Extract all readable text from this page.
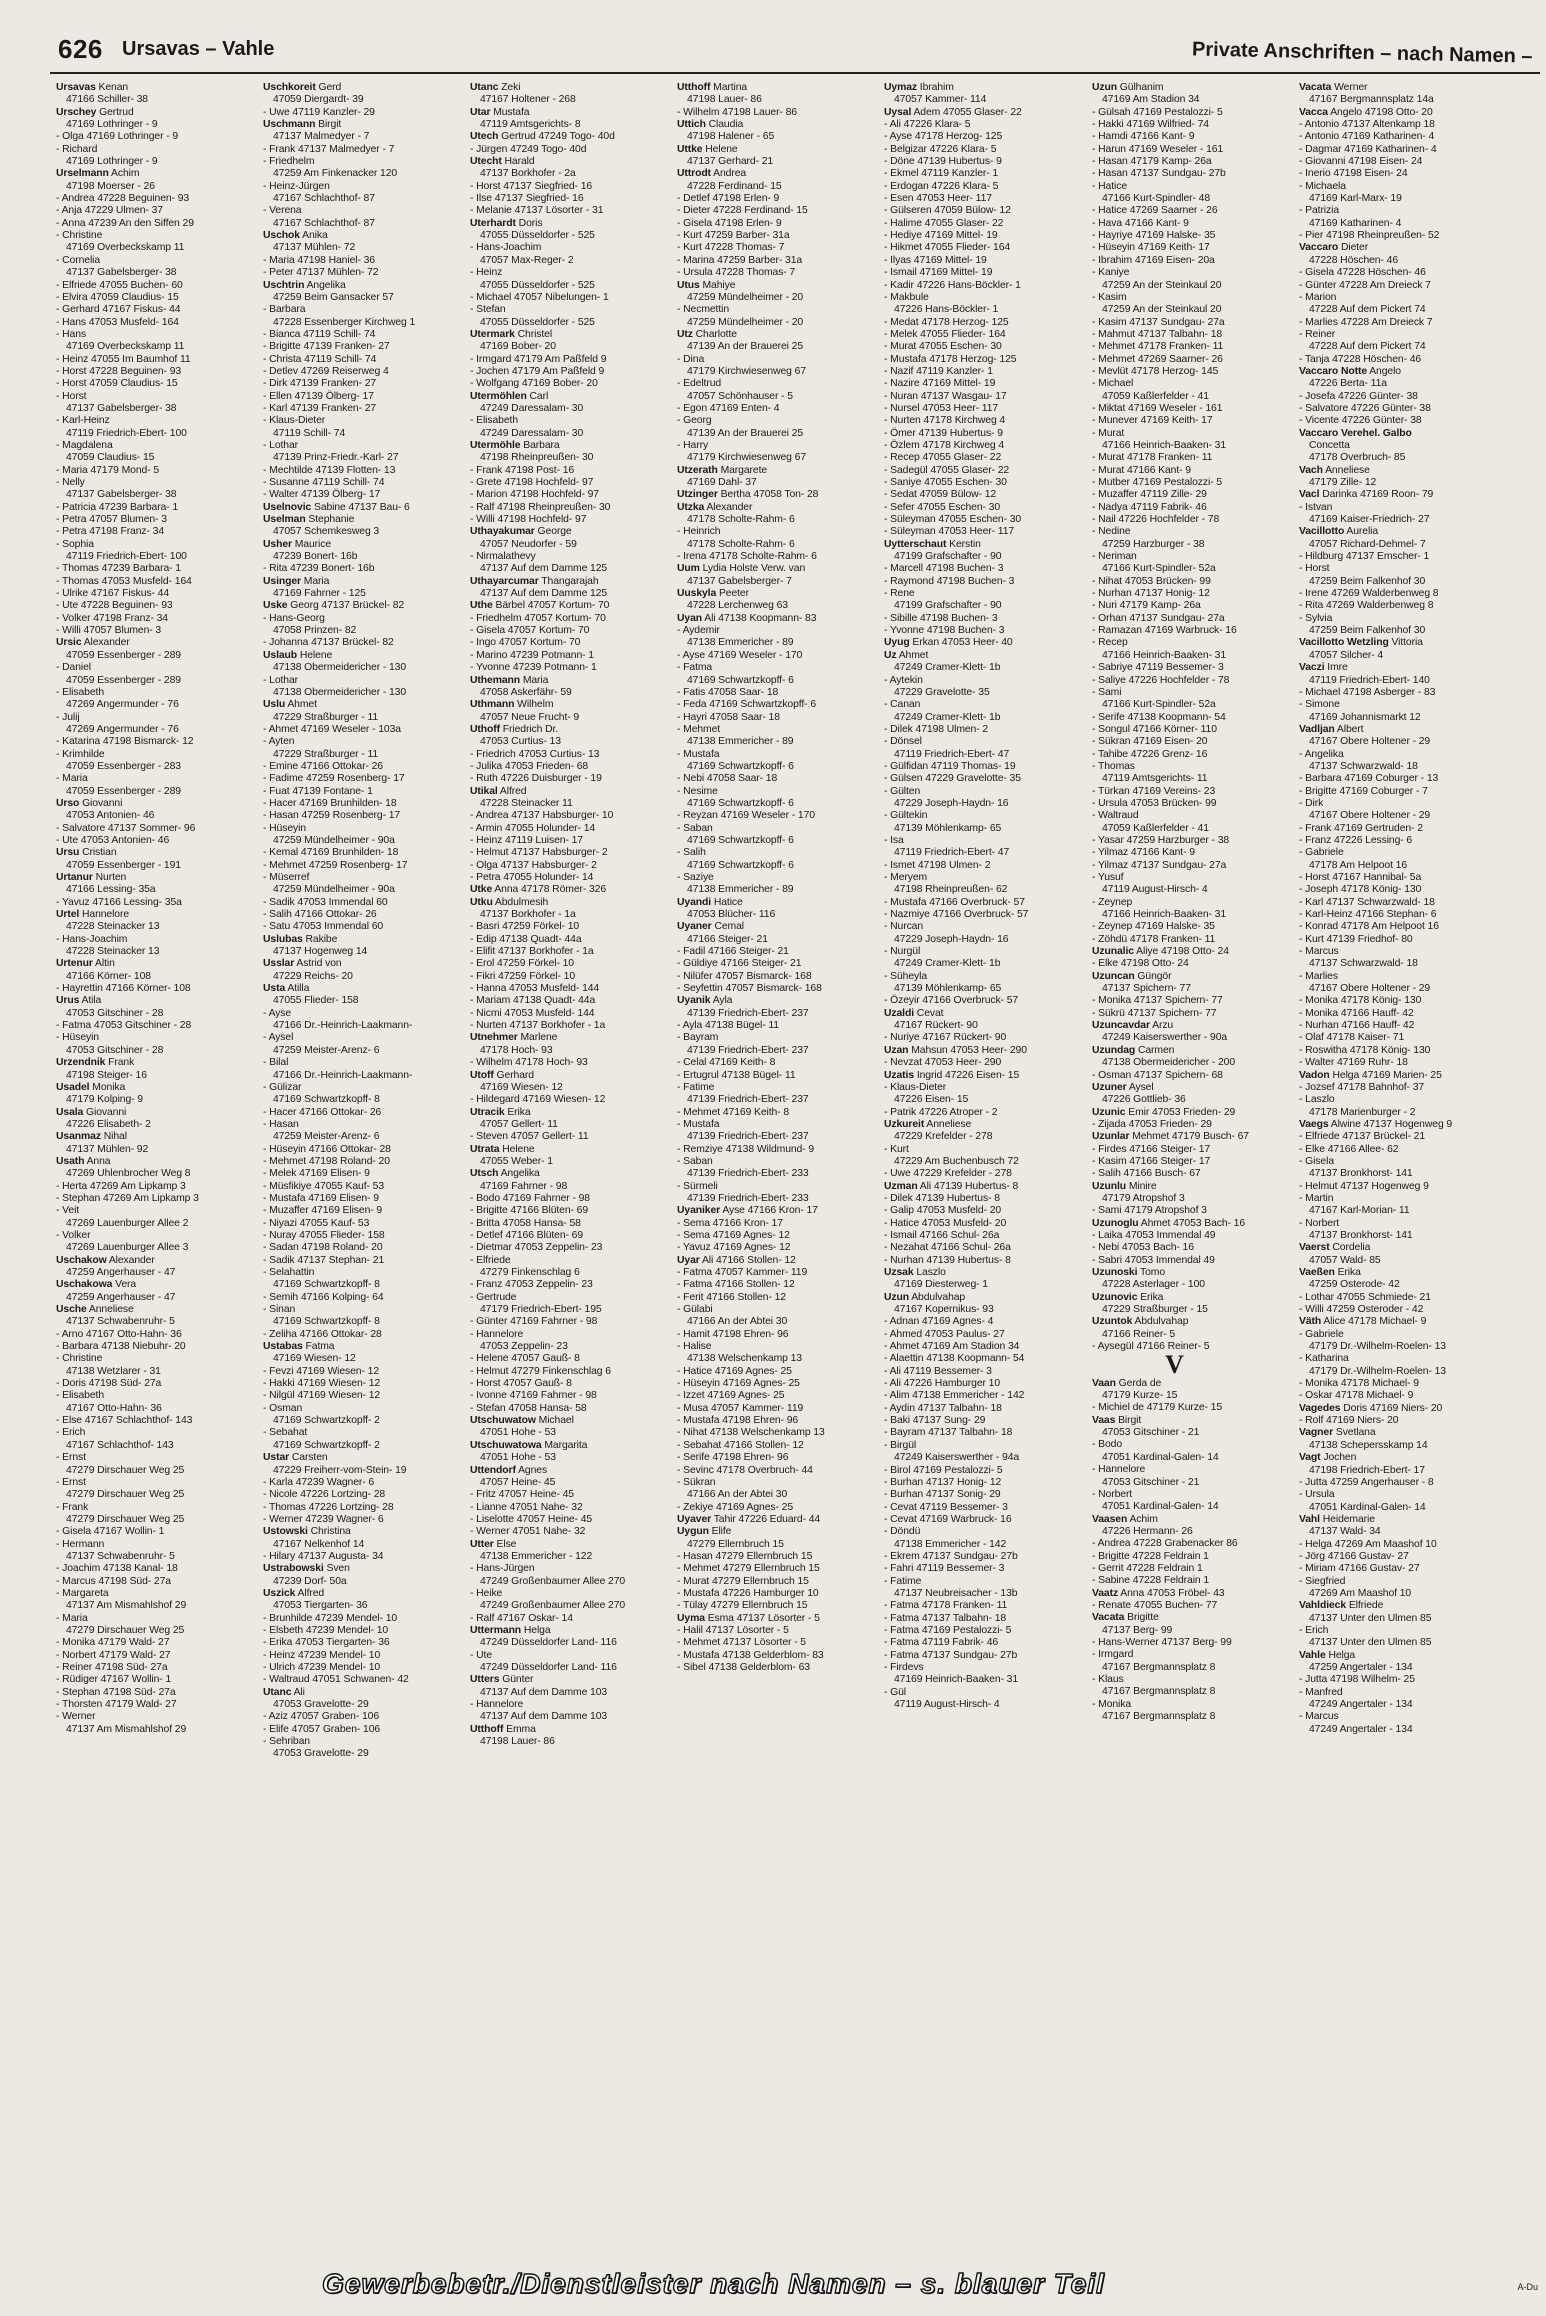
626 Ursavas – Vahle	Private Anschriften – nach Namen –
Ursavas Kenan
47166 Schiller- 38
Urschey Gertrud
47169 Lothringer - 9
- Olga 47169 Lothringer - 9
- Richard
47169 Lothringer - 9
Urselmann Achim
47198 Moerser - 26
- Andrea 47228 Beguinen- 93
- Anja 47229 Ulmen- 37
- Anna 47239 An den Siffen 29
- Christine
47169 Overbeckskamp 11
- Cornelia
47137 Gabelsberger- 38
- Elfriede 47055 Buchen- 60
- Elvira 47059 Claudius- 15
- Gerhard 47167 Fiskus- 44
- Hans 47053 Musfeld- 164
- Hans
47169 Overbeckskamp 11
- Heinz 47055 Im Baumhof 11
- Horst 47228 Beguinen- 93
- Horst 47059 Claudius- 15
- Horst
47137 Gabelsberger- 38
- Karl-Heinz
47119 Friedrich-Ebert- 100
- Magdalena
47059 Claudius- 15
- Maria 47179 Mond- 5
- Nelly
47137 Gabelsberger- 38
- Patricia 47239 Barbara- 1
- Petra 47057 Blumen- 3
- Petra 47198 Franz- 34
- Sophia
47119 Friedrich-Ebert- 100
- Thomas 47239 Barbara- 1
- Thomas 47053 Musfeld- 164
- Ulrike 47167 Fiskus- 44
- Ute 47228 Beguinen- 93
- Volker 47198 Franz- 34
- Willi 47057 Blumen- 3
Ursic Alexander
47059 Essenberger - 289
- Daniel
47059 Essenberger - 289
- Elisabeth
47269 Angermunder - 76
- Julij
47269 Angermunder - 76
- Katarina 47198 Bismarck- 12
- Krimhilde
47059 Essenberger - 283
- Maria
47059 Essenberger - 289
Urso Giovanni
47053 Antonien- 46
- Salvatore 47137 Sommer- 96
- Ute 47053 Antonien- 46
Ursu Cristian
47059 Essenberger - 191
Urtanur Nurten
47166 Lessing- 35a
- Yavuz 47166 Lessing- 35a
Urtel Hannelore
47228 Steinacker 13
- Hans-Joachim
47228 Steinacker 13
Urtenur Altin
47166 Körner- 108
- Hayrettin 47166 Körner- 108
Urus Atila
47053 Gitschiner - 28
- Fatma 47053 Gitschiner - 28
- Hüseyin
47053 Gitschiner - 28
Urzendnik Frank
47198 Steiger- 16
Usadel Monika
47179 Kolping- 9
Usala Giovanni
47226 Elisabeth- 2
Usanmaz Nihal
47137 Mühlen- 92
Usath Anna
47269 Uhlenbrocher Weg 8
- Herta 47269 Am Lipkamp 3
- Stephan 47269 Am Lipkamp 3
- Veit
47269 Lauenburger Allee 2
- Volker
47269 Lauenburger Allee 3
Uschakow Alexander
47259 Angerhauser - 47
Uschakowa Vera
47259 Angerhauser - 47
Usche Anneliese
47137 Schwabenruhr- 5
- Arno 47167 Otto-Hahn- 36
- Barbara 47138 Niebuhr- 20
- Christine
47138 Wetzlarer - 31
- Doris 47198 Süd- 27a
- Elisabeth
47167 Otto-Hahn- 36
- Else 47167 Schlachthof- 143
- Erich
47167 Schlachthof- 143
- Ernst
47279 Dirschauer Weg 25
- Ernst
47279 Dirschauer Weg 25
- Frank
47279 Dirschauer Weg 25
- Gisela 47167 Wollin- 1
- Hermann
47137 Schwabenruhr- 5
- Joachim 47138 Kanal- 18
- Marcus 47198 Süd- 27a
- Margareta
47137 Am Mismahlshof 29
- Maria
47279 Dirschauer Weg 25
- Monika 47179 Wald- 27
- Norbert 47179 Wald- 27
- Reiner 47198 Süd- 27a
- Rüdiger 47167 Wollin- 1
- Stephan 47198 Süd- 27a
- Thorsten 47179 Wald- 27
- Werner
47137 Am Mismahlshof 29
Uschkoreit Gerd
47059 Diergardt- 39
- Uwe 47119 Kanzler- 29
Uschmann Birgit
47137 Malmedyer - 7
- Frank 47137 Malmedyer - 7
- Friedhelm
47259 Am Finkenacker 120
- Heinz-Jürgen
47167 Schlachthof- 87
- Verena
47167 Schlachthof- 87
Uschok Anika
47137 Mühlen- 72
- Maria 47198 Haniel- 36
- Peter 47137 Mühlen- 72
Uschtrin Angelika
47259 Beim Gansacker 57
- Barbara
47228 Essenberger Kirchweg 1
- Bianca 47119 Schill- 74
- Brigitte 47139 Franken- 27
- Christa 47119 Schill- 74
- Detlev 47269 Reiserweg 4
- Dirk 47139 Franken- 27
- Ellen 47139 Ölberg- 17
- Karl 47139 Franken- 27
- Klaus-Dieter
47119 Schill- 74
- Lothar
47139 Prinz-Friedr.-Karl- 27
- Mechtilde 47139 Flotten- 13
- Susanne 47119 Schill- 74
- Walter 47139 Ölberg- 17
Uselnovic Sabine 47137 Bau- 6
Uselman Stephanie
47057 Schemkesweg 3
Usher Maurice
47239 Bonert- 16b
- Rita 47239 Bonert- 16b
Usinger Maria
47169 Fahrner - 125
Uske Georg 47137 Brückel- 82
- Hans-Georg
47058 Prinzen- 82
- Johanna 47137 Brückel- 82
Uslaub Helene
47138 Obermeidericher - 130
- Lothar
47138 Obermeidericher - 130
Uslu Ahmet
47229 Straßburger - 11
- Ahmet 47169 Weseler - 103a
- Ayten
47229 Straßburger - 11
- Emine 47166 Ottokar- 26
- Fadime 47259 Rosenberg- 17
- Fuat 47139 Fontane- 1
- Hacer 47169 Brunhilden- 18
- Hasan 47259 Rosenberg- 17
- Hüseyin
47259 Mündelheimer - 90a
- Kemal 47169 Brunhilden- 18
- Mehmet 47259 Rosenberg- 17
- Müserref
47259 Mündelheimer - 90a
- Sadik 47053 Immendal 60
- Salih 47166 Ottokar- 26
- Satu 47053 Immendal 60
Uslubas Rakibe
47137 Hogenweg 14
Usslar Astrid von
47229 Reichs- 20
Usta Atilla
47055 Flieder- 158
- Ayse
47166 Dr.-Heinrich-Laakmann-
- Aysel
47259 Meister-Arenz- 6
- Bilal
47166 Dr.-Heinrich-Laakmann-
- Gülizar
47169 Schwartzkopff- 8
- Hacer 47166 Ottokar- 26
- Hasan
47259 Meister-Arenz- 6
- Hüseyin 47166 Ottokar- 28
- Mehmet 47198 Roland- 20
- Melek 47169 Elisen- 9
- Müsfikiye 47055 Kauf- 53
- Mustafa 47169 Elisen- 9
- Muzaffer 47169 Elisen- 9
- Niyazi 47055 Kauf- 53
- Nuray 47055 Flieder- 158
- Sadan 47198 Roland- 20
- Sadik 47137 Stephan- 21
- Selahattin
47169 Schwartzkopff- 8
- Semih 47166 Kolping- 64
- Sinan
47169 Schwartzkopff- 8
- Zeliha 47166 Ottokar- 28
Ustabas Fatma
47169 Wiesen- 12
- Fevzi 47169 Wiesen- 12
- Hakki 47169 Wiesen- 12
- Nilgül 47169 Wiesen- 12
- Osman
47169 Schwartzkopff- 2
- Sebahat
47169 Schwartzkopff- 2
Ustar Carsten
47229 Freiherr-vom-Stein- 19
- Karla 47239 Wagner- 6
- Nicole 47226 Lortzing- 28
- Thomas 47226 Lortzing- 28
- Werner 47239 Wagner- 6
Ustowski Christina
47167 Nelkenhof 14
- Hilary 47137 Augusta- 34
Ustrabowski Sven
47239 Dorf- 50a
Uszick Alfred
47053 Tiergarten- 36
- Brunhilde 47239 Mendel- 10
- Elsbeth 47239 Mendel- 10
- Erika 47053 Tiergarten- 36
- Heinz 47239 Mendel- 10
- Ulrich 47239 Mendel- 10
- Waltraud 47051 Schwanen- 42
Utanc Ali
47053 Gravelotte- 29
- Aziz 47057 Graben- 106
- Elife 47057 Graben- 106
- Sehriban
47053 Gravelotte- 29
Utanc Zeki
47167 Holtener - 268
Utar Mustafa
47119 Amtsgerichts- 8
Utech Gertrud 47249 Togo- 40d
- Jürgen 47249 Togo- 40d
Utecht Harald
47137 Borkhofer - 2a
- Horst 47137 Siegfried- 16
- Ilse 47137 Siegfried- 16
- Melanie 47137 Lösorter - 31
Uterhardt Doris
47055 Düsseldorfer - 525
- Hans-Joachim
47057 Max-Reger- 2
- Heinz
47055 Düsseldorfer - 525
- Michael 47057 Nibelungen- 1
- Stefan
47055 Düsseldorfer - 525
Utermark Christel
47169 Bober- 20
- Irmgard 47179 Am Paßfeld 9
- Jochen 47179 Am Paßfeld 9
- Wolfgang 47169 Bober- 20
Utermöhlen Carl
47249 Daressalam- 30
- Elisabeth
47249 Daressalam- 30
Utermöhle Barbara
47198 Rheinpreußen- 30
- Frank 47198 Post- 16
- Grete 47198 Hochfeld- 97
- Marion 47198 Hochfeld- 97
- Ralf 47198 Rheinpreußen- 30
- Willi 47198 Hochfeld- 97
Uthayakumar George
47057 Neudorfer - 59
- Nirmalathevy
47137 Auf dem Damme 125
Uthayarcumar Thangarajah
47137 Auf dem Damme 125
Uthe Bärbel 47057 Kortum- 70
- Friedhelm 47057 Kortum- 70
- Gisela 47057 Kortum- 70
- Ingo 47057 Kortum- 70
- Marino 47239 Potmann- 1
- Yvonne 47239 Potmann- 1
Uthemann Maria
47058 Askerfähr- 59
Uthmann Wilhelm
47057 Neue Frucht- 9
Uthoff Friedrich Dr.
47053 Curtius- 13
- Friedrich 47053 Curtius- 13
- Julika 47053 Frieden- 68
- Ruth 47226 Duisburger - 19
Utikal Alfred
47228 Steinacker 11
- Andrea 47137 Habsburger- 10
- Armin 47055 Holunder- 14
- Heinz 47119 Luisen- 17
- Helmut 47137 Habsburger- 2
- Olga 47137 Habsburger- 2
- Petra 47055 Holunder- 14
Utke Anna 47178 Römer- 326
Utku Abdulmesih
47137 Borkhofer - 1a
- Basri 47259 Förkel- 10
- Edip 47138 Quadt- 44a
- Elifit 47137 Borkhofer - 1a
- Erol 47259 Förkel- 10
- Fikri 47259 Förkel- 10
- Hanna 47053 Musfeld- 144
- Mariam 47138 Quadt- 44a
- Nicmi 47053 Musfeld- 144
- Nurten 47137 Borkhofer - 1a
Utnehmer Marlene
47178 Hoch- 93
- Wilhelm 47178 Hoch- 93
Utoff Gerhard
47169 Wiesen- 12
- Hildegard 47169 Wiesen- 12
Utracik Erika
47057 Gellert- 11
- Steven 47057 Gellert- 11
Utrata Helene
47055 Weber- 1
Utsch Angelika
47169 Fahrner - 98
- Bodo 47169 Fahrner - 98
- Brigitte 47166 Blüten- 69
- Britta 47058 Hansa- 58
- Detlef 47166 Blüten- 69
- Dietmar 47053 Zeppelin- 23
- Elfriede
47279 Finkenschlag 6
- Franz 47053 Zeppelin- 23
- Gertrude
47179 Friedrich-Ebert- 195
- Günter 47169 Fahrner - 98
- Hannelore
47053 Zeppelin- 23
- Helene 47057 Gauß- 8
- Helmut 47279 Finkenschlag 6
- Horst 47057 Gauß- 8
- Ivonne 47169 Fahrner - 98
- Stefan 47058 Hansa- 58
Utschuwatow Michael
47051 Hohe - 53
Utschuwatowa Margarita
47051 Hohe - 53
Uttendorf Agnes
47057 Heine- 45
- Fritz 47057 Heine- 45
- Lianne 47051 Nahe- 32
- Liselotte 47057 Heine- 45
- Werner 47051 Nahe- 32
Utter Else
47138 Emmericher - 122
- Hans-Jürgen
47249 Großenbaumer Allee 270
- Heike
47249 Großenbaumer Allee 270
- Ralf 47167 Oskar- 14
Uttermann Helga
47249 Düsseldorfer Land- 116
- Ute
47249 Düsseldorfer Land- 116
Utters Günter
47137 Auf dem Damme 103
- Hannelore
47137 Auf dem Damme 103
Utthoff Emma
47198 Lauer- 86
Utthoff Martina
47198 Lauer- 86
- Wilhelm 47198 Lauer- 86
Uttich Claudia
47198 Halener - 65
Uttke Helene
47137 Gerhard- 21
Uttrodt Andrea
47228 Ferdinand- 15
- Detlef 47198 Erlen- 9
- Dieter 47228 Ferdinand- 15
- Gisela 47198 Erlen- 9
- Kurt 47259 Barber- 31a
- Kurt 47228 Thomas- 7
- Marina 47259 Barber- 31a
- Ursula 47228 Thomas- 7
Utus Mahiye
47259 Mündelheimer - 20
- Necmettin
47259 Mündelheimer - 20
Utz Charlotte
47139 An der Brauerei 25
- Dina
47179 Kirchwiesenweg 67
- Edeltrud
47057 Schönhauser - 5
- Egon 47169 Enten- 4
- Georg
47139 An der Brauerei 25
- Harry
47179 Kirchwiesenweg 67
Utzerath Margarete
47169 Dahl- 37
Utzinger Bertha 47058 Ton- 28
Utzka Alexander
47178 Scholte-Rahm- 6
- Heinrich
47178 Scholte-Rahm- 6
- Irena 47178 Scholte-Rahm- 6
Uum Lydia Holste Verw. van
47137 Gabelsberger- 7
Uuskyla Peeter
47228 Lerchenweg 63
Uyan Ali 47138 Koopmann- 83
- Aydemir
47138 Emmericher - 89
- Ayse 47169 Weseler - 170
- Fatma
47169 Schwartzkopff- 6
- Fatis 47058 Saar- 18
- Feda 47169 Schwartzkopff- 6
- Hayri 47058 Saar- 18
- Mehmet
47138 Emmericher - 89
- Mustafa
47169 Schwartzkopff- 6
- Nebi 47058 Saar- 18
- Nesime
47169 Schwartzkopff- 6
- Reyzan 47169 Weseler - 170
- Saban
47169 Schwartzkopff- 6
- Salih
47169 Schwartzkopff- 6
- Saziye
47138 Emmericher - 89
Uyandi Hatice
47053 Blücher- 116
Uyaner Cemal
47166 Steiger- 21
- Fadil 47166 Steiger- 21
- Güldiye 47166 Steiger- 21
- Nilüfer 47057 Bismarck- 168
- Seyfettin 47057 Bismarck- 168
Uyanik Ayla
47139 Friedrich-Ebert- 237
- Ayla 47138 Bügel- 11
- Bayram
47139 Friedrich-Ebert- 237
- Celal 47169 Keith- 8
- Ertugrul 47138 Bügel- 11
- Fatime
47139 Friedrich-Ebert- 237
- Mehmet 47169 Keith- 8
- Mustafa
47139 Friedrich-Ebert- 237
- Remziye 47138 Wildmund- 9
- Saban
47139 Friedrich-Ebert- 233
- Sürmeli
47139 Friedrich-Ebert- 233
Uyaniker Ayse 47166 Kron- 17
- Sema 47166 Kron- 17
- Sema 47169 Agnes- 12
- Yavuz 47169 Agnes- 12
Uyar Ali 47166 Stollen- 12
- Fatma 47057 Kammer- 119
- Fatma 47166 Stollen- 12
- Ferit 47166 Stollen- 12
- Gülabi
47166 An der Abtei 30
- Hamit 47198 Ehren- 96
- Halise
47138 Welschenkamp 13
- Hatice 47169 Agnes- 25
- Hüseyin 47169 Agnes- 25
- Izzet 47169 Agnes- 25
- Musa 47057 Kammer- 119
- Mustafa 47198 Ehren- 96
- Nihat 47138 Welschenkamp 13
- Sebahat 47166 Stollen- 12
- Serife 47198 Ehren- 96
- Sevinc 47178 Overbruch- 44
- Sükran
47166 An der Abtei 30
- Zekiye 47169 Agnes- 25
Uyaver Tahir 47226 Eduard- 44
Uygun Elife
47279 Ellernbruch 15
- Hasan 47279 Ellernbruch 15
- Mehmet 47279 Ellernbruch 15
- Murat 47279 Ellernbruch 15
- Mustafa 47226 Hamburger 10
- Tülay 47279 Ellernbruch 15
Uyma Esma 47137 Lösorter - 5
- Halil 47137 Lösorter - 5
- Mehmet 47137 Lösorter - 5
- Mustafa 47138 Gelderblom- 83
- Sibel 47138 Gelderblom- 63
Uymaz Ibrahim
47057 Kammer- 114
Uysal Adem 47055 Glaser- 22
- Ali 47226 Klara- 5
- Ayse 47178 Herzog- 125
- Belgizar 47226 Klara- 5
- Döne 47139 Hubertus- 9
- Ekmel 47119 Kanzler- 1
- Erdogan 47226 Klara- 5
- Esen 47053 Heer- 117
- Gülseren 47059 Bülow- 12
- Halime 47055 Glaser- 22
- Hediye 47169 Mittel- 19
- Hikmet 47055 Flieder- 164
- Ilyas 47169 Mittel- 19
- Ismail 47169 Mittel- 19
- Kadir 47226 Hans-Böckler- 1
- Makbule
47226 Hans-Böckler- 1
- Medat 47178 Herzog- 125
- Melek 47055 Flieder- 164
- Murat 47055 Eschen- 30
- Mustafa 47178 Herzog- 125
- Nazif 47119 Kanzler- 1
- Nazire 47169 Mittel- 19
- Nuran 47137 Wasgau- 17
- Nursel 47053 Heer- 117
- Nurten 47178 Kirchweg 4
- Ömer 47139 Hubertus- 9
- Özlem 47178 Kirchweg 4
- Recep 47055 Glaser- 22
- Sadegül 47055 Glaser- 22
- Saniye 47055 Eschen- 30
- Sedat 47059 Bülow- 12
- Sefer 47055 Eschen- 30
- Süleyman 47055 Eschen- 30
- Süleyman 47053 Heer- 117
Uytterschaut Kerstin
47199 Grafschafter - 90
- Marcell 47198 Buchen- 3
- Raymond 47198 Buchen- 3
- Rene
47199 Grafschafter - 90
- Sibille 47198 Buchen- 3
- Yvonne 47198 Buchen- 3
Uyug Erkan 47053 Heer- 40
Uz Ahmet
47249 Cramer-Klett- 1b
- Aytekin
47229 Gravelotte- 35
- Canan
47249 Cramer-Klett- 1b
- Dilek 47198 Ulmen- 2
- Dönsel
47119 Friedrich-Ebert- 47
- Gülfidan 47119 Thomas- 19
- Gülsen 47229 Gravelotte- 35
- Gülten
47229 Joseph-Haydn- 16
- Gültekin
47139 Möhlenkamp- 65
- Isa
47119 Friedrich-Ebert- 47
- Ismet 47198 Ulmen- 2
- Meryem
47198 Rheinpreußen- 62
- Mustafa 47166 Overbruck- 57
- Nazmiye 47166 Overbruck- 57
- Nurcan
47229 Joseph-Haydn- 16
- Nurgül
47249 Cramer-Klett- 1b
- Süheyla
47139 Möhlenkamp- 65
- Özeyir 47166 Overbruck- 57
Uzaldi Cevat
47167 Rückert- 90
- Nuriye 47167 Rückert- 90
Uzan Mahsun 47053 Heer- 290
- Nevzat 47053 Heer- 290
Uzatis Ingrid 47226 Eisen- 15
- Klaus-Dieter
47226 Eisen- 15
- Patrik 47226 Atroper - 2
Uzkureit Anneliese
47229 Krefelder - 278
- Kurt
47229 Am Buchenbusch 72
- Uwe 47229 Krefelder - 278
Uzman Ali 47139 Hubertus- 8
- Dilek 47139 Hubertus- 8
- Galip 47053 Musfeld- 20
- Hatice 47053 Musfeld- 20
- Ismail 47166 Schul- 26a
- Nezahat 47166 Schul- 26a
- Nurhan 47139 Hubertus- 8
Uzsak Laszlo
47169 Diesterweg- 1
Uzun Abdulvahap
47167 Kopernikus- 93
- Adnan 47169 Agnes- 4
- Ahmed 47053 Paulus- 27
- Ahmet 47169 Am Stadion 34
- Alaettin 47138 Koopmann- 54
- Ali 47119 Bessemer- 3
- Ali 47226 Hamburger 10
- Alim 47138 Emmericher - 142
- Aydin 47137 Talbahn- 18
- Baki 47137 Sung- 29
- Bayram 47137 Talbahn- 18
- Birgül
47249 Kaiserswerther - 94a
- Birol 47169 Pestalozzi- 5
- Burhan 47137 Honig- 12
- Burhan 47137 Sonig- 29
- Cevat 47119 Bessemer- 3
- Cevat 47169 Warbruck- 16
- Döndü
47138 Emmericher - 142
- Ekrem 47137 Sundgau- 27b
- Fahri 47119 Bessemer- 3
- Fatime
47137 Neubreisacher - 13b
- Fatma 47178 Franken- 11
- Fatma 47137 Talbahn- 18
- Fatma 47169 Pestalozzi- 5
- Fatma 47119 Fabrik- 46
- Fatma 47137 Sundgau- 27b
- Firdevs
47169 Heinrich-Baaken- 31
- Gül
47119 August-Hirsch- 4
Uzun Gülhanim
47169 Am Stadion 34
- Gülsah 47169 Pestalozzi- 5
- Hakki 47169 Wilfried- 74
- Hamdi 47166 Kant- 9
- Harun 47169 Weseler - 161
- Hasan 47179 Kamp- 26a
- Hasan 47137 Sundgau- 27b
- Hatice
47166 Kurt-Spindler- 48
- Hatice 47269 Saarner - 26
- Hava 47166 Kant- 9
- Hayriye 47169 Halske- 35
- Hüseyin 47169 Keith- 17
- Ibrahim 47169 Eisen- 20a
- Kaniye
47259 An der Steinkaul 20
- Kasim
47259 An der Steinkaul 20
- Kasim 47137 Sundgau- 27a
- Mahmut 47137 Talbahn- 18
- Mehmet 47178 Franken- 11
- Mehmet 47269 Saarner- 26
- Mevlüt 47178 Herzog- 145
- Michael
47059 Kaßlerfelder - 41
- Miktat 47169 Weseler - 161
- Munever 47169 Keith- 17
- Murat
47166 Heinrich-Baaken- 31
- Murat 47178 Franken- 11
- Murat 47166 Kant- 9
- Mutber 47169 Pestalozzi- 5
- Muzaffer 47119 Zille- 29
- Nadya 47119 Fabrik- 46
- Nail 47226 Hochfelder - 78
- Nedine
47259 Harzburger - 38
- Neriman
47166 Kurt-Spindler- 52a
- Nihat 47053 Brücken- 99
- Nurhan 47137 Honig- 12
- Nuri 47179 Kamp- 26a
- Orhan 47137 Sundgau- 27a
- Ramazan 47169 Warbruck- 16
- Recep
47166 Heinrich-Baaken- 31
- Sabriye 47119 Bessemer- 3
- Saliye 47226 Hochfelder - 78
- Sami
47166 Kurt-Spindler- 52a
- Serife 47138 Koopmann- 54
- Songul 47166 Körner- 110
- Sükran 47169 Eisen- 20
- Tahibe 47226 Grenz- 16
- Thomas
47119 Amtsgerichts- 11
- Türkan 47169 Vereins- 23
- Ursula 47053 Brücken- 99
- Waltraud
47059 Kaßlerfelder - 41
- Yasar 47259 Harzburger - 38
- Yilmaz 47166 Kant- 9
- Yilmaz 47137 Sundgau- 27a
- Yusuf
47119 August-Hirsch- 4
- Zeynep
47166 Heinrich-Baaken- 31
- Zeynep 47169 Halske- 35
- Zöhdü 47178 Franken- 11
Uzunalic Aliye 47198 Otto- 24
- Elke 47198 Otto- 24
Uzuncan Güngör
47137 Spichern- 77
- Monika 47137 Spichern- 77
- Sükrü 47137 Spichern- 77
Uzuncavdar Arzu
47249 Kaiserswerther - 90a
Uzundag Carmen
47138 Obermeidericher - 200
- Osman 47137 Spichern- 68
Uzuner Aysel
47226 Gottlieb- 36
Uzunic Emir 47053 Frieden- 29
- Zijada 47053 Frieden- 29
Uzunlar Mehmet 47179 Busch- 67
- Firdes 47166 Steiger- 17
- Kasim 47166 Steiger- 17
- Salih 47166 Busch- 67
Uzunlu Minire
47179 Atropshof 3
- Sami 47179 Atropshof 3
Uzunoglu Ahmet 47053 Bach- 16
- Laika 47053 Immendal 49
- Nebi 47053 Bach- 16
- Sabri 47053 Immendal 49
Uzunoski Tomo
47228 Asterlager - 100
Uzunovic Erika
47229 Straßburger - 15
Uzuntok Abdulvahap
47166 Reiner- 5
- Aysegül 47166 Reiner- 5
V
Vaan Gerda de
47179 Kurze- 15
- Michiel de 47179 Kurze- 15
Vaas Birgit
47053 Gitschiner - 21
- Bodo
47051 Kardinal-Galen- 14
- Hannelore
47053 Gitschiner - 21
- Norbert
47051 Kardinal-Galen- 14
Vaasen Achim
47226 Hermann- 26
- Andrea 47228 Grabenacker 86
- Brigitte 47228 Feldrain 1
- Gerrit 47228 Feldrain 1
- Sabine 47228 Feldrain 1
Vaatz Anna 47053 Fröbel- 43
- Renate 47055 Buchen- 77
Vacata Brigitte
47137 Berg- 99
- Hans-Werner 47137 Berg- 99
- Irmgard
47167 Bergmannsplatz 8
- Klaus
47167 Bergmannsplatz 8
- Monika
47167 Bergmannsplatz 8
Vacata Werner
47167 Bergmannsplatz 14a
Vacca Angelo 47198 Otto- 20
- Antonio 47137 Altenkamp 18
- Antonio 47169 Katharinen- 4
- Dagmar 47169 Katharinen- 4
- Giovanni 47198 Eisen- 24
- Inerio 47198 Eisen- 24
- Michaela
47169 Karl-Marx- 19
- Patrizia
47169 Katharinen- 4
- Pier 47198 Rheinpreußen- 52
Vaccaro Dieter
47228 Höschen- 46
- Gisela 47228 Höschen- 46
- Günter 47228 Am Dreieck 7
- Marion
47228 Auf dem Pickert 74
- Marlies 47228 Am Dreieck 7
- Reiner
47228 Auf dem Pickert 74
- Tanja 47228 Höschen- 46
Vaccaro Notte Angelo
47226 Berta- 11a
- Josefa 47226 Günter- 38
- Salvatore 47226 Günter- 38
- Vicente 47226 Günter- 38
Vaccaro Verehel. Galbo
Concetta
47178 Overbruch- 85
Vach Anneliese
47179 Zille- 12
Vacl Darinka 47169 Roon- 79
- Istvan
47169 Kaiser-Friedrich- 27
Vacillotto Aurelia
47057 Richard-Dehmel- 7
- Hildburg 47137 Emscher- 1
- Horst
47259 Beim Falkenhof 30
- Irene 47269 Walderbenweg 8
- Rita 47269 Walderbenweg 8
- Sylvia
47259 Beim Falkenhof 30
Vacillotto Wetzling Vittoria
47057 Silcher- 4
Vaczi Imre
47119 Friedrich-Ebert- 140
- Michael 47198 Asberger - 83
- Simone
47169 Johannismarkt 12
Vadljan Albert
47167 Obere Holtener - 29
- Angelika
47137 Schwarzwald- 18
- Barbara 47169 Coburger - 13
- Brigitte 47169 Coburger - 7
- Dirk
47167 Obere Holtener - 29
- Frank 47169 Gertruden- 2
- Franz 47226 Lessing- 6
- Gabriele
47178 Am Helpoot 16
- Horst 47167 Hannibal- 5a
- Joseph 47178 König- 130
- Karl 47137 Schwarzwald- 18
- Karl-Heinz 47166 Stephan- 6
- Konrad 47178 Am Helpoot 16
- Kurt 47139 Friedhof- 80
- Marcus
47137 Schwarzwald- 18
- Marlies
47167 Obere Holtener - 29
- Monika 47178 König- 130
- Monika 47166 Hauff- 42
- Nurhan 47166 Hauff- 42
- Olaf 47178 Kaiser- 71
- Roswitha 47178 König- 130
- Walter 47169 Ruhr- 18
Vadon Helga 47169 Marien- 25
- Jozsef 47178 Bahnhof- 37
- Laszlo
47178 Marienburger - 2
Vaegs Alwine 47137 Hogenweg 9
- Elfriede 47137 Brückel- 21
- Elke 47166 Allee- 62
- Gisela
47137 Bronkhorst- 141
- Helmut 47137 Hogenweg 9
- Martin
47167 Karl-Morian- 11
- Norbert
47137 Bronkhorst- 141
Vaerst Cordelia
47057 Wald- 85
Vaeßen Erika
47259 Osterode- 42
- Lothar 47055 Schmiede- 21
- Willi 47259 Osteroder - 42
Väth Alice 47178 Michael- 9
- Gabriele
47179 Dr.-Wilhelm-Roelen- 13
- Katharina
47179 Dr.-Wilhelm-Roelen- 13
- Monika 47178 Michael- 9
- Oskar 47178 Michael- 9
Vagedes Doris 47169 Niers- 20
- Rolf 47169 Niers- 20
Vagner Svetlana
47138 Schepersskamp 14
Vagt Jochen
47198 Friedrich-Ebert- 17
- Jutta 47259 Angerhauser - 8
- Ursula
47051 Kardinal-Galen- 14
Vahl Heidemarie
47137 Wald- 34
- Helga 47269 Am Maashof 10
- Jörg 47166 Gustav- 27
- Miriam 47166 Gustav- 27
- Siegfried
47269 Am Maashof 10
Vahldieck Elfriede
47137 Unter den Ulmen 85
- Erich
47137 Unter den Ulmen 85
Vahle Helga
47259 Angertaler - 134
- Jutta 47198 Wilhelm- 25
- Manfred
47249 Angertaler - 134
- Marcus
47249 Angertaler - 134
Gewerbebetr./Dienstleister nach Namen – s. blauer Teil	A-Du
